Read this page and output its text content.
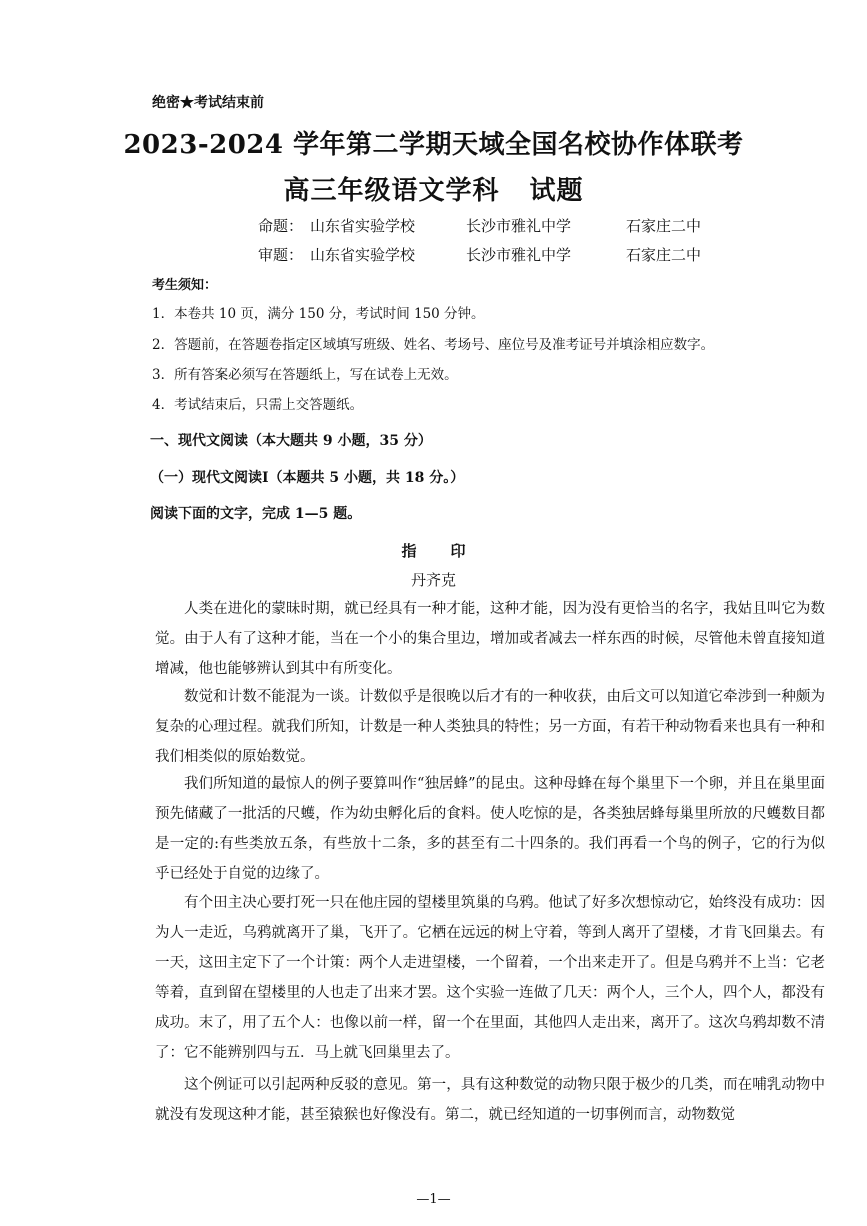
绝密★考试结束前
2023-2024 学年第二学期天域全国名校协作体联考
高三年级语文学科 试题
命题： 山东省实验学校	长沙市雅礼中学	石家庄二中
审题： 山东省实验学校	长沙市雅礼中学	石家庄二中
考生须知：
1．本卷共 10 页，满分 150 分，考试时间 150 分钟。
2．答题前，在答题卷指定区域填写班级、姓名、考场号、座位号及准考证号并填涂相应数字。
3．所有答案必须写在答题纸上，写在试卷上无效。
4．考试结束后，只需上交答题纸。
一、现代文阅读（本大题共 9 小题，35 分）
（一）现代文阅读Ⅰ（本题共 5 小题，共 18 分。）
阅读下面的文字，完成 1—5 题。
指 印
丹齐克

人类在进化的蒙昧时期，就已经具有一种才能，这种才能，因为没有更恰当的名字，我姑且叫它为数觉。由于人有了这种才能，当在一个小的集合里边，增加或者减去一样东西的时候，尽管他未曾直接知道增减，他也能够辨认到其中有所变化。

数觉和计数不能混为一谈。计数似乎是很晚以后才有的一种收获，由后文可以知道它牵涉到一种颇为复杂的心理过程。就我们所知，计数是一种人类独具的特性；另一方面，有若干种动物看来也具有一种和我们相类似的原始数觉。

我们所知道的最惊人的例子要算叫作“独居蜂”的昆虫。这种母蜂在每个巢里下一个卵，并且在巢里面预先储藏了一批活的尺蠖，作为幼虫孵化后的食料。使人吃惊的是，各类独居蜂每巢里所放的尺蠖数目都是一定的:有些类放五条，有些放十二条，多的甚至有二十四条的。我们再看一个鸟的例子，它的行为似乎已经处于自觉的边缘了。

有个田主决心要打死一只在他庄园的望楼里筑巢的乌鸦。他试了好多次想惊动它，始终没有成功：因为人一走近，乌鸦就离开了巢，飞开了。它栖在远远的树上守着，等到人离开了望楼，才肯飞回巢去。有一天，这田主定下了一个计策：两个人走进望楼，一个留着，一个出来走开了。但是乌鸦并不上当：它老等着，直到留在望楼里的人也走了出来才罢。这个实验一连做了几天：两个人，三个人，四个人，都没有成功。末了，用了五个人：也像以前一样，留一个在里面，其他四人走出来，离开了。这次乌鸦却数不清了：它不能辨别四与五．马上就飞回巢里去了。

这个例证可以引起两种反驳的意见。第一，具有这种数觉的动物只限于极少的几类，而在哺乳动物中就没有发现这种才能，甚至猿猴也好像没有。第二，就已经知道的一切事例而言，动物数觉

—1—
